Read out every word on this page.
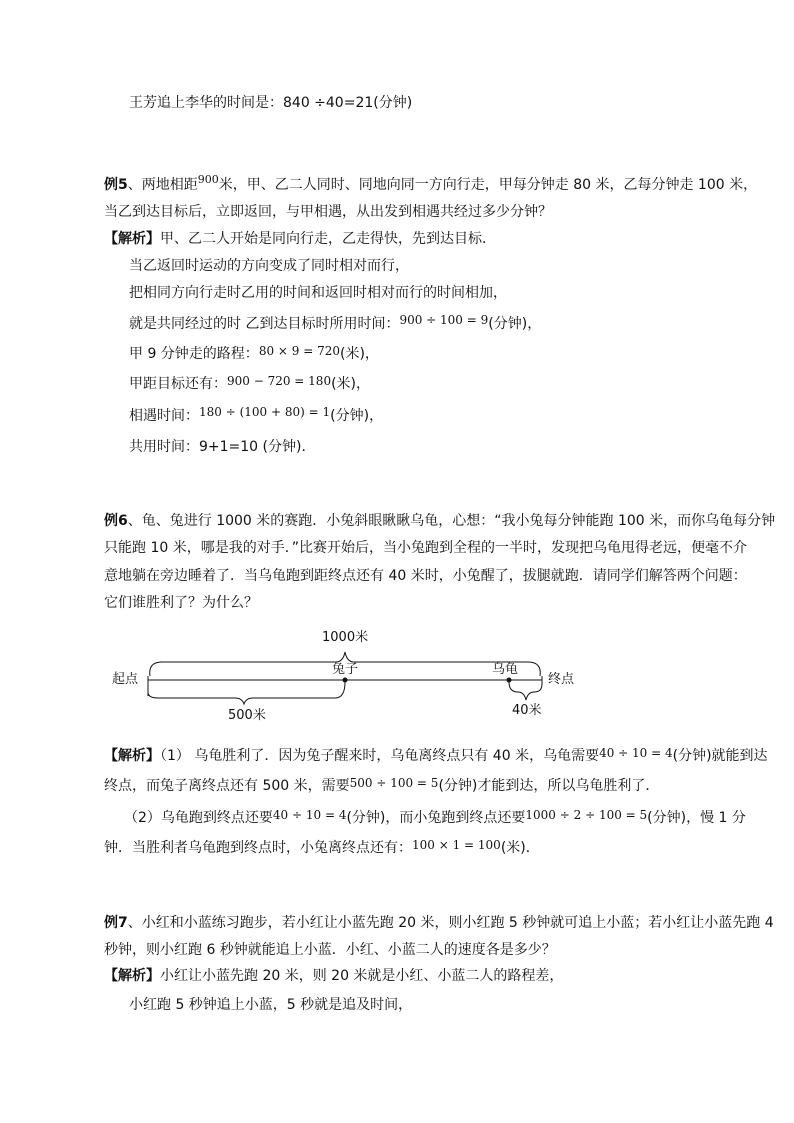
王芳追上李华的时间是：840 ÷40=21(分钟)
例5、两地相距$^{900}$米，甲、乙二人同时、同地向同一方向行走，甲每分钟走 80 米，乙每分钟走 100 米，
当乙到达目标后，立即返回，与甲相遇，从出发到相遇共经过多少分钟？
【解析】甲、乙二人开始是同向行走，乙走得快，先到达目标．
当乙返回时运动的方向变成了同时相对而行，
把相同方向行走时乙用的时间和返回时相对而行的时间相加，
就是共同经过的时 乙到达目标时所用时间：900 ÷ 100 = 9(分钟)，
甲 9 分钟走的路程：80 × 9 = 720(米)，
甲距目标还有：900 − 720 = 180(米)，
相遇时间：180 ÷ (100 + 80) = 1(分钟)，
共用时间：9+1=10 (分钟)．
例6、龟、兔进行 1000 米的赛跑．小兔斜眼瞅瞅乌龟，心想：“我小兔每分钟能跑 100 米，而你乌龟每分钟
只能跑 10 米，哪是我的对手．”比赛开始后，当小兔跑到全程的一半时，发现把乌龟甩得老远，便毫不介
意地躺在旁边睡着了．当乌龟跑到距终点还有 40 米时，小兔醒了，拔腿就跑．请同学们解答两个问题：
它们谁胜利了？为什么？
1000米
起点	终点
兔子	乌龟
500米	40米
【解析】（1） 乌龟胜利了．因为兔子醒来时，乌龟离终点只有 40 米，乌龟需要40 ÷ 10 = 4(分钟)就能到达
终点，而兔子离终点还有 500 米，需要500 ÷ 100 = 5(分钟)才能到达，所以乌龟胜利了．
（2）乌龟跑到终点还要40 ÷ 10 = 4(分钟)，而小兔跑到终点还要1000 ÷ 2 ÷ 100 = 5(分钟)，慢 1 分
钟．当胜利者乌龟跑到终点时，小兔离终点还有：100 × 1 = 100(米)．
例7、小红和小蓝练习跑步，若小红让小蓝先跑 20 米，则小红跑 5 秒钟就可追上小蓝；若小红让小蓝先跑 4
秒钟，则小红跑 6 秒钟就能追上小蓝．小红、小蓝二人的速度各是多少？
【解析】小红让小蓝先跑 20 米，则 20 米就是小红、小蓝二人的路程差，
小红跑 5 秒钟追上小蓝，5 秒就是追及时间，
